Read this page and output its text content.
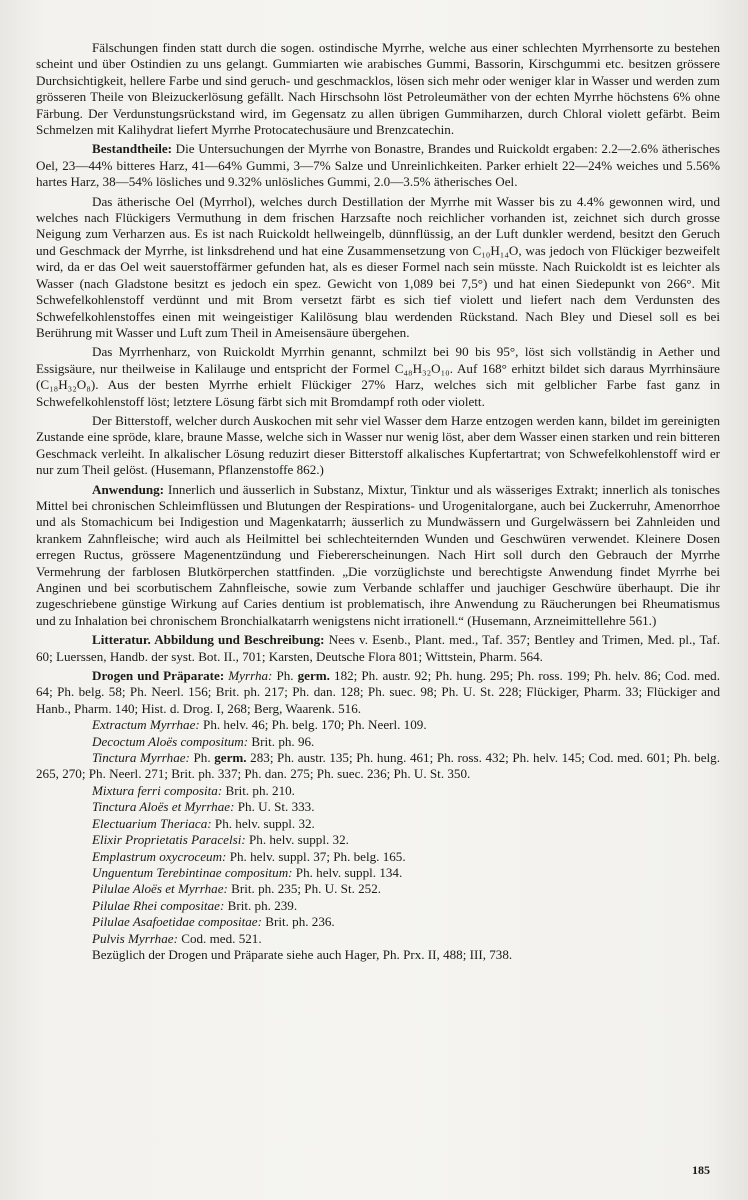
Fälschungen finden statt durch die sogen. ostindische Myrrhe, welche aus einer schlechten Myrrhensorte zu bestehen scheint und über Ostindien zu uns gelangt. Gummiarten wie arabisches Gummi, Bassorin, Kirschgummi etc. besitzen grössere Durchsichtigkeit, hellere Farbe und sind geruch- und geschmacklos, lösen sich mehr oder weniger klar in Wasser und werden zum grösseren Theile von Bleizuckerlösung gefällt. Nach Hirschsohn löst Petroleumäther von der echten Myrrhe höchstens 6% ohne Färbung. Der Verdunstungsrückstand wird, im Gegensatz zu allen übrigen Gummiharzen, durch Chloral violett gefärbt. Beim Schmelzen mit Kalihydrat liefert Myrrhe Protocatechusäure und Brenzcatechin.

Bestandtheile: Die Untersuchungen der Myrrhe von Bonastre, Brandes und Ruickoldt ergaben: 2.2—2.6% ätherisches Oel, 23—44% bitteres Harz, 41—64% Gummi, 3—7% Salze und Unreinlichkeiten. Parker erhielt 22—24% weiches und 5.56% hartes Harz, 38—54% lösliches und 9.32% unlösliches Gummi, 2.0—3.5% ätherisches Oel.

Das ätherische Oel (Myrrhol), welches durch Destillation der Myrrhe mit Wasser bis zu 4.4% gewonnen wird, und welches nach Flückigers Vermuthung in dem frischen Harzsafte noch reichlicher vorhanden ist, zeichnet sich durch grosse Neigung zum Verharzen aus. Es ist nach Ruickoldt hellweingelb, dünnflüssig, an der Luft dunkler werdend, besitzt den Geruch und Geschmack der Myrrhe, ist linksdrehend und hat eine Zusammensetzung von C₁₀H₁₄O, was jedoch von Flückiger bezweifelt wird, da er das Oel weit sauerstoffärmer gefunden hat, als es dieser Formel nach sein müsste. Nach Ruickoldt ist es leichter als Wasser (nach Gladstone besitzt es jedoch ein spez. Gewicht von 1,089 bei 7,5°) und hat einen Siedepunkt von 266°. Mit Schwefelkohlenstoff verdünnt und mit Brom versetzt färbt es sich tief violett und liefert nach dem Verdunsten des Schwefelkohlenstoffes einen mit weingeistiger Kalilösung blau werdenden Rückstand. Nach Bley und Diesel soll es bei Berührung mit Wasser und Luft zum Theil in Ameisensäure übergehen.

Das Myrrhenharz, von Ruickoldt Myrrhin genannt, schmilzt bei 90 bis 95°, löst sich vollständig in Aether und Essigsäure, nur theilweise in Kalilauge und entspricht der Formel C₄₈H₃₂O₁₀. Auf 168° erhitzt bildet sich daraus Myrrhinsäure (C₁₈H₃₂O₈). Aus der besten Myrrhe erhielt Flückiger 27% Harz, welches sich mit gelblicher Farbe fast ganz in Schwefelkohlenstoff löst; letztere Lösung färbt sich mit Bromdampf roth oder violett.

Der Bitterstoff, welcher durch Auskochen mit sehr viel Wasser dem Harze entzogen werden kann, bildet im gereinigten Zustande eine spröde, klare, braune Masse, welche sich in Wasser nur wenig löst, aber dem Wasser einen starken und rein bitteren Geschmack verleiht. In alkalischer Lösung reduzirt dieser Bitterstoff alkalisches Kupfertartrat; von Schwefelkohlenstoff wird er nur zum Theil gelöst. (Husemann, Pflanzenstoffe 862.)

Anwendung: Innerlich und äusserlich in Substanz, Mixtur, Tinktur und als wässeriges Extrakt; innerlich als tonisches Mittel bei chronischen Schleimflüssen und Blutungen der Respirations- und Urogenitalorgane, auch bei Zuckerruhr, Amenorrhoe und als Stomachicum bei Indigestion und Magenkatarrh; äusserlich zu Mundwässern und Gurgelwässern bei Zahnleiden und krankem Zahnfleische; wird auch als Heilmittel bei schlechteiternden Wunden und Geschwüren verwendet. Kleinere Dosen erregen Ructus, grössere Magenentzündung und Fiebererscheinungen. Nach Hirt soll durch den Gebrauch der Myrrhe Vermehrung der farblosen Blutkörperchen stattfinden. „Die vorzüglichste und berechtigste Anwendung findet Myrrhe bei Anginen und bei scorbutischem Zahnfleische, sowie zum Verbande schlaffer und jauchiger Geschwüre überhaupt. Die ihr zugeschriebene günstige Wirkung auf Caries dentium ist problematisch, ihre Anwendung zu Räucherungen bei Rheumatismus und zu Inhalation bei chronischem Bronchialkatarrh wenigstens nicht irrationell.“ (Husemann, Arzneimittellehre 561.)

Litteratur. Abbildung und Beschreibung: Nees v. Esenb., Plant. med., Taf. 357; Bentley and Trimen, Med. pl., Taf. 60; Luerssen, Handb. der syst. Bot. II., 701; Karsten, Deutsche Flora 801; Wittstein, Pharm. 564.

Drogen und Präparate: Myrrha: Ph. germ. 182; Ph. austr. 92; Ph. hung. 295; Ph. ross. 199; Ph. helv. 86; Cod. med. 64; Ph. belg. 58; Ph. Neerl. 156; Brit. ph. 217; Ph. dan. 128; Ph. suec. 98; Ph. U. St. 228; Flückiger, Pharm. 33; Flückiger and Hanb., Pharm. 140; Hist. d. Drog. I, 268; Berg, Waarenk. 516.

Extractum Myrrhae: Ph. helv. 46; Ph. belg. 170; Ph. Neerl. 109.

Decoctum Aloës compositum: Brit. ph. 96.

Tinctura Myrrhae: Ph. germ. 283; Ph. austr. 135; Ph. hung. 461; Ph. ross. 432; Ph. helv. 145; Cod. med. 601; Ph. belg. 265, 270; Ph. Neerl. 271; Brit. ph. 337; Ph. dan. 275; Ph. suec. 236; Ph. U. St. 350.

Mixtura ferri composita: Brit. ph. 210.

Tinctura Aloës et Myrrhae: Ph. U. St. 333.

Electuarium Theriaca: Ph. helv. suppl. 32.

Elixir Proprietatis Paracelsi: Ph. helv. suppl. 32.

Emplastrum oxycroceum: Ph. helv. suppl. 37; Ph. belg. 165.

Unguentum Terebintinae compositum: Ph. helv. suppl. 134.

Pilulae Aloës et Myrrhae: Brit. ph. 235; Ph. U. St. 252.

Pilulae Rhei compositae: Brit. ph. 239.

Pilulae Asafoetidae compositae: Brit. ph. 236.

Pulvis Myrrhae: Cod. med. 521.

Bezüglich der Drogen und Präparate siehe auch Hager, Ph. Prx. II, 488; III, 738.

185
